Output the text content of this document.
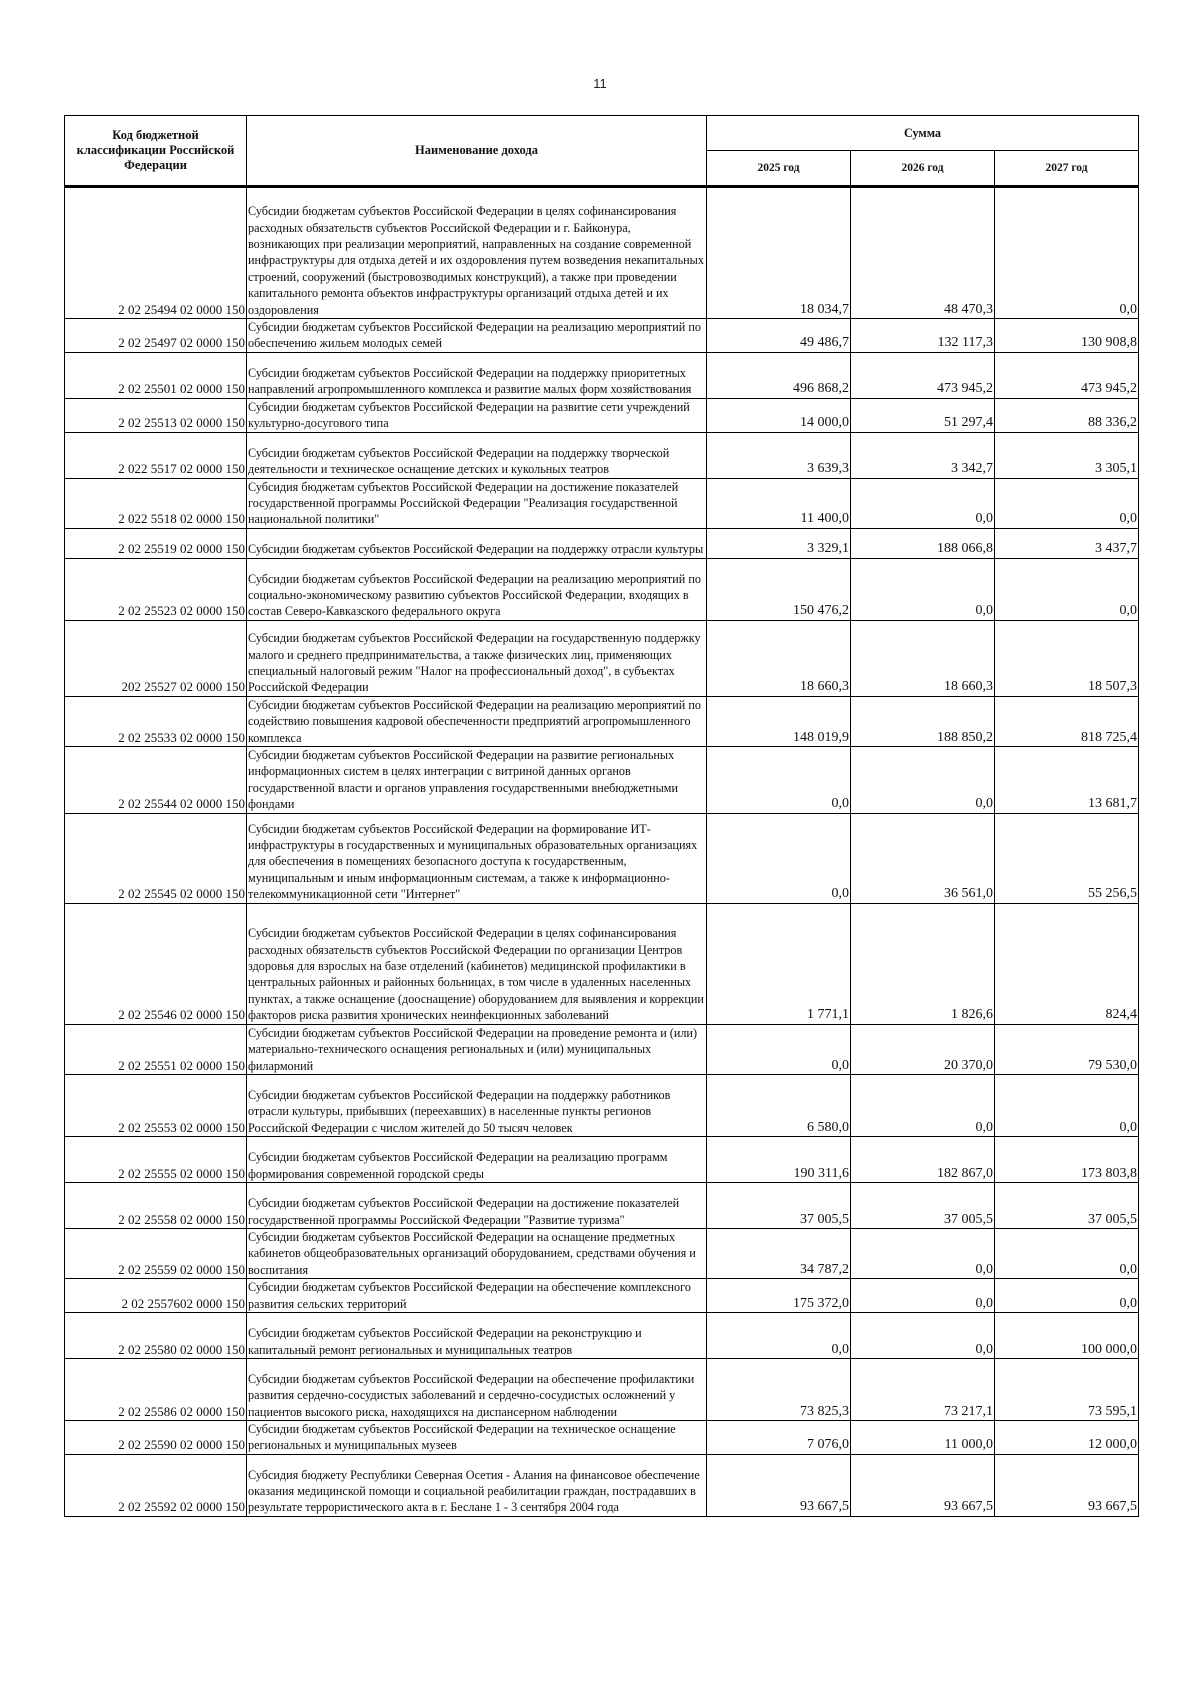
11
Код бюджетной классификации Российской Федерации	Наименование дохода	Сумма		
		2025 год	2026 год	2027 год
2 02 25494 02 0000 150	Субсидии бюджетам субъектов Российской Федерации в целях софинансирования расходных обязательств субъектов Российской Федерации и г. Байконура, возникающих при реализации мероприятий, направленных на создание современной инфраструктуры для отдыха детей и их оздоровления путем возведения некапитальных строений, сооружений (быстровозводимых конструкций), а также при проведении капитального ремонта объектов инфраструктуры организаций отдыха детей и их оздоровления	18 034,7	48 470,3	0,0
2 02 25497 02 0000 150	Субсидии бюджетам субъектов Российской Федерации на реализацию мероприятий по обеспечению жильем молодых семей	49 486,7	132 117,3	130 908,8
2 02 25501 02 0000 150	Субсидии бюджетам субъектов Российской Федерации на поддержку приоритетных направлений агропромышленного комплекса и развитие малых форм хозяйствования	496 868,2	473 945,2	473 945,2
2 02 25513 02 0000 150	Субсидии бюджетам субъектов Российской Федерации на развитие сети учреждений культурно-досугового типа	14 000,0	51 297,4	88 336,2
2 022 5517 02 0000 150	Субсидии бюджетам субъектов Российской Федерации на поддержку творческой деятельности и техническое оснащение детских и кукольных театров	3 639,3	3 342,7	3 305,1
2 022 5518 02 0000 150	Субсидия бюджетам субъектов Российской Федерации на достижение показателей государственной программы Российской Федерации "Реализация государственной национальной политики"	11 400,0	0,0	0,0
2 02 25519 02 0000 150	Субсидии бюджетам субъектов Российской Федерации на поддержку отрасли культуры	3 329,1	188 066,8	3 437,7
2 02 25523 02 0000 150	Субсидии бюджетам субъектов Российской Федерации на реализацию мероприятий по социально-экономическому развитию субъектов Российской Федерации, входящих в состав Северо-Кавказского федерального округа	150 476,2	0,0	0,0
202 25527 02 0000 150	Субсидии бюджетам субъектов Российской Федерации на государственную поддержку малого и среднего предпринимательства, а также физических лиц, применяющих специальный налоговый режим "Налог на профессиональный доход", в субъектах Российской Федерации	18 660,3	18 660,3	18 507,3
2 02 25533 02 0000 150	Субсидии бюджетам субъектов Российской Федерации на реализацию мероприятий по содействию повышения кадровой обеспеченности предприятий агропромышленного комплекса	148 019,9	188 850,2	818 725,4
2 02 25544 02 0000 150	Субсидии бюджетам субъектов Российской Федерации на развитие региональных информационных систем в целях интеграции с витриной данных органов государственной власти и органов управления государственными внебюджетными фондами	0,0	0,0	13 681,7
2 02 25545 02 0000 150	Субсидии бюджетам субъектов Российской Федерации на формирование ИТ-инфраструктуры в государственных и муниципальных образовательных организациях для обеспечения в помещениях безопасного доступа к государственным, муниципальным и иным информационным системам, а также к информационно-телекоммуникационной сети "Интернет"	0,0	36 561,0	55 256,5
2 02 25546 02 0000 150	Субсидии бюджетам субъектов Российской Федерации в целях софинансирования расходных обязательств субъектов Российской Федерации по организации Центров здоровья для взрослых на базе отделений (кабинетов) медицинской профилактики в центральных районных и районных больницах, в том числе в удаленных населенных пунктах, а также оснащение (дооснащение) оборудованием для выявления и коррекции факторов риска развития хронических неинфекционных заболеваний	1 771,1	1 826,6	824,4
2 02 25551 02 0000 150	Субсидии бюджетам субъектов Российской Федерации на проведение ремонта и (или) материально-технического оснащения региональных и (или) муниципальных филармоний	0,0	20 370,0	79 530,0
2 02 25553 02 0000 150	Субсидии бюджетам субъектов Российской Федерации на поддержку работников отрасли культуры, прибывших (переехавших) в населенные пункты регионов Российской Федерации с числом жителей до 50 тысяч человек	6 580,0	0,0	0,0
2 02 25555 02 0000 150	Субсидии бюджетам субъектов Российской Федерации на реализацию программ формирования современной городской среды	190 311,6	182 867,0	173 803,8
2 02 25558 02 0000 150	Субсидии бюджетам субъектов Российской Федерации на достижение показателей государственной программы Российской Федерации "Развитие туризма"	37 005,5	37 005,5	37 005,5
2 02 25559 02 0000 150	Субсидии бюджетам субъектов Российской Федерации на оснащение предметных кабинетов общеобразовательных организаций оборудованием, средствами обучения и воспитания	34 787,2	0,0	0,0
2 02 2557602 0000 150	Субсидии бюджетам субъектов Российской Федерации на обеспечение комплексного развития сельских территорий	175 372,0	0,0	0,0
2 02 25580 02 0000 150	Субсидии бюджетам субъектов Российской Федерации на реконструкцию и капитальный ремонт региональных и муниципальных театров	0,0	0,0	100 000,0
2 02 25586 02 0000 150	Субсидии бюджетам субъектов Российской Федерации на обеспечение профилактики развития сердечно-сосудистых заболеваний и сердечно-сосудистых осложнений у пациентов высокого риска, находящихся на диспансерном наблюдении	73 825,3	73 217,1	73 595,1
2 02 25590 02 0000 150	Субсидии бюджетам субъектов Российской Федерации на техническое оснащение региональных и муниципальных музеев	7 076,0	11 000,0	12 000,0
2 02 25592 02 0000 150	Субсидия бюджету Республики Северная Осетия - Алания на финансовое обеспечение оказания медицинской помощи и социальной реабилитации граждан, пострадавших в результате террористического акта в г. Беслане 1 - 3 сентября 2004 года	93 667,5	93 667,5	93 667,5
